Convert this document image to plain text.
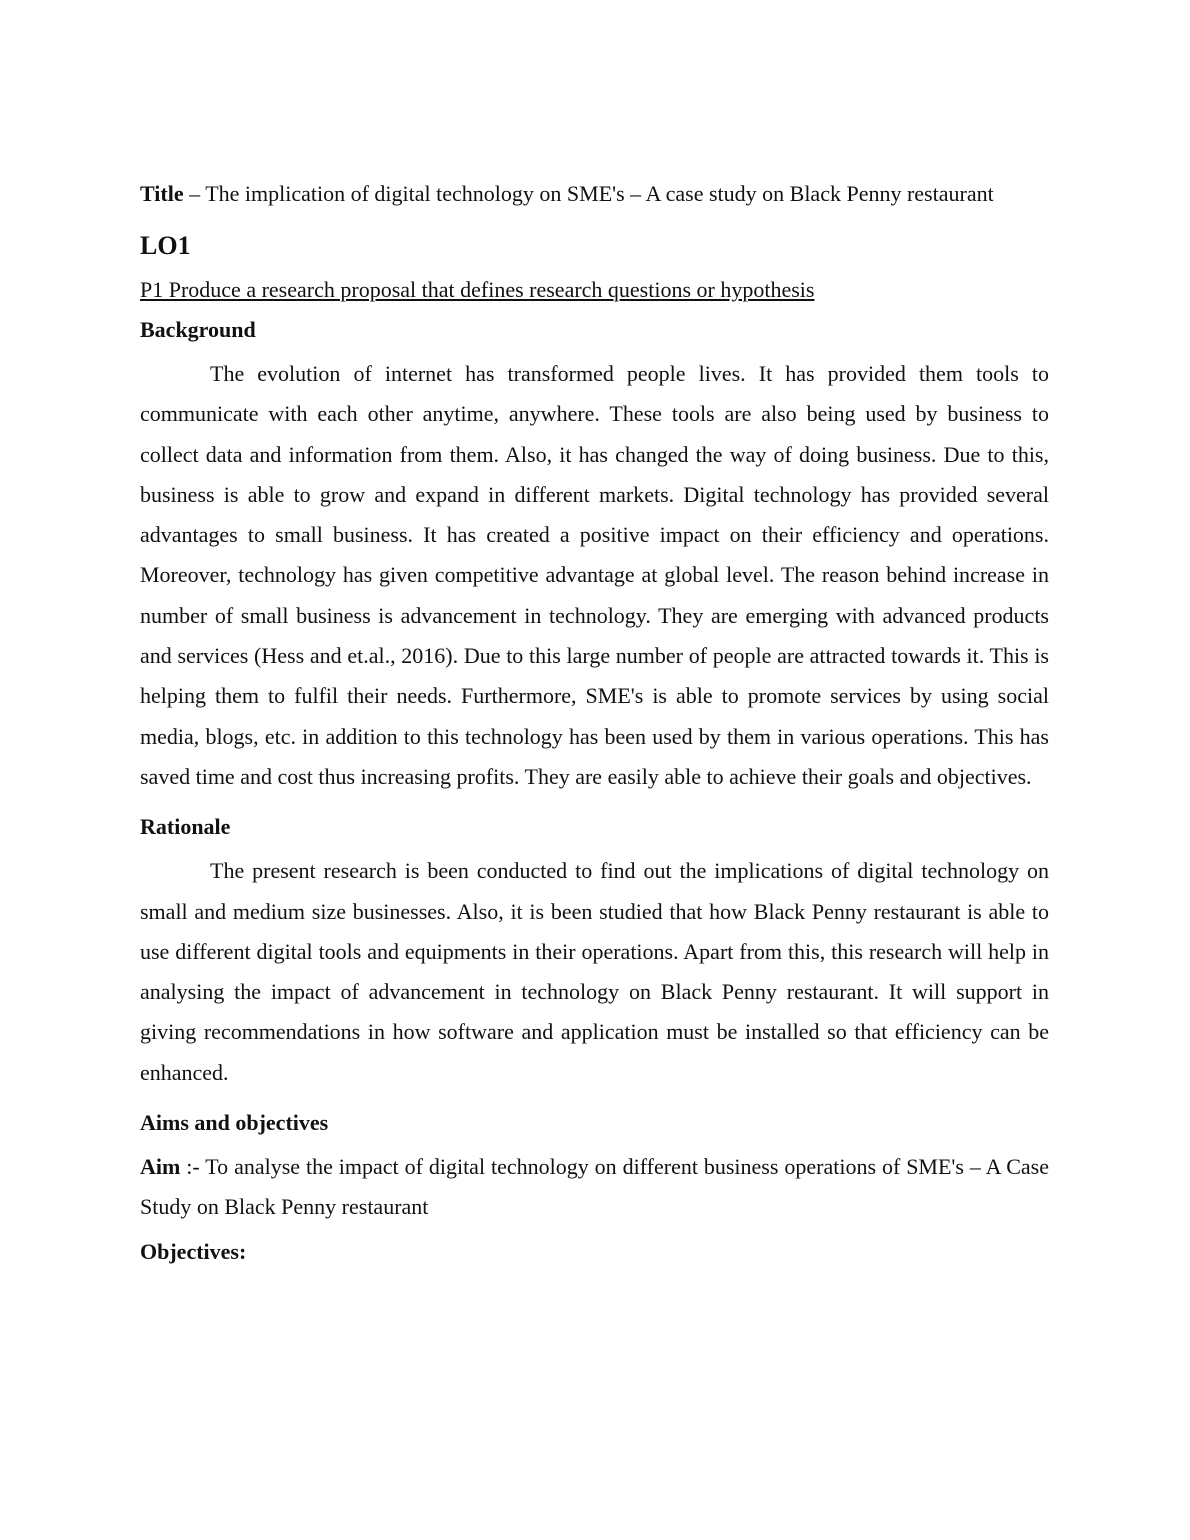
Title – The implication of digital technology on SME's – A case study on Black Penny restaurant

LO1
P1 Produce a research proposal that defines research questions or hypothesis
Background

The evolution of internet has transformed people lives. It has provided them tools to communicate with each other anytime, anywhere. These tools are also being used by business to collect data and information from them. Also, it has changed the way of doing business. Due to this, business is able to grow and expand in different markets. Digital technology has provided several advantages to small business. It has created a positive impact on their efficiency and operations. Moreover, technology has given competitive advantage at global level. The reason behind increase in number of small business is advancement in technology. They are emerging with advanced products and services (Hess and et.al., 2016). Due to this large number of people are attracted towards it. This is helping them to fulfil their needs. Furthermore, SME's is able to promote services by using social media, blogs, etc. in addition to this technology has been used by them in various operations. This has saved time and cost thus increasing profits. They are easily able to achieve their goals and objectives.

Rationale

The present research is been conducted to find out the implications of digital technology on small and medium size businesses. Also, it is been studied that how Black Penny restaurant is able to use different digital tools and equipments in their operations. Apart from this, this research will help in analysing the impact of advancement in technology on Black Penny restaurant. It will support in giving recommendations in how software and application must be installed so that efficiency can be enhanced.

Aims and objectives

Aim :- To analyse the impact of digital technology on different business operations of SME's – A Case Study on Black Penny restaurant

Objectives:
